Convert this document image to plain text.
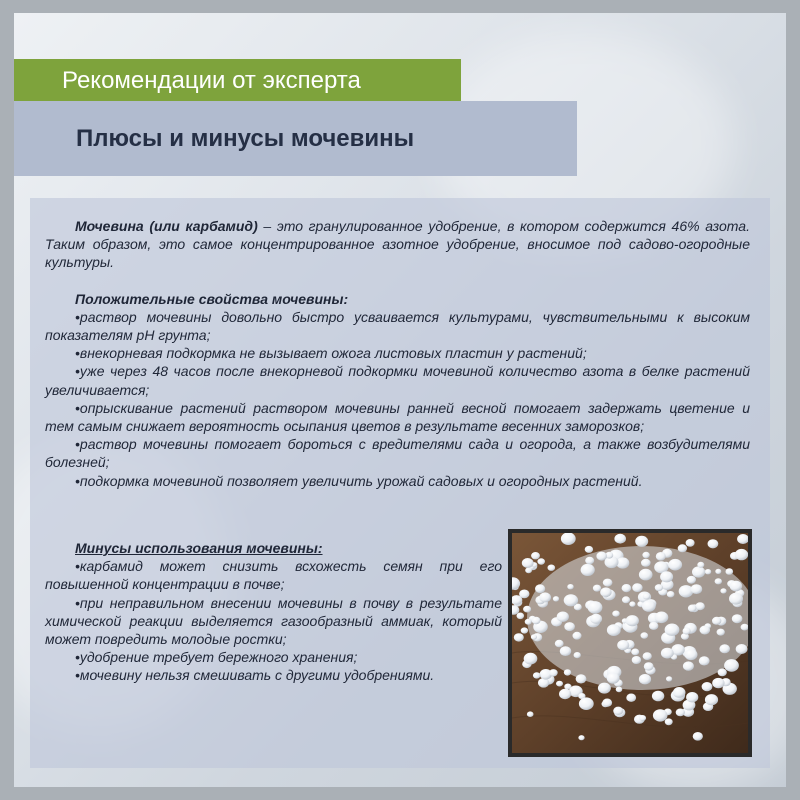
Рекомендации от эксперта
Плюсы и минусы мочевины

Мочевина (или карбамид) – это гранулированное удобрение, в котором содержится 46% азота. Таким образом, это самое концентрированное азотное удобрение, вносимое под садово-огородные культуры.

Положительные свойства мочевины:

•раствор мочевины довольно быстро усваивается культурами, чувствительными к высоким показателям pH грунта;

•внекорневая подкормка не вызывает ожога листовых пластин у растений;

•уже через 48 часов после внекорневой подкормки мочевиной количество азота в белке растений увеличивается;

•опрыскивание растений раствором мочевины ранней весной помогает задержать цветение и тем самым снижает вероятность осыпания цветов в результате весенних заморозков;

•раствор мочевины помогает бороться с вредителями сада и огорода, а также возбудителями болезней;

•подкормка мочевиной позволяет увеличить урожай садовых и огородных растений.

Минусы использования мочевины:

•карбамид может снизить всхожесть семян при его повышенной концентрации в почве;

•при неправильном внесении мочевины в почву в результате химической реакции выделяется газообразный аммиак, который может повредить молодые ростки;

•удобрение требует бережного хранения;

•мочевину нельзя смешивать с другими удобрениями.
